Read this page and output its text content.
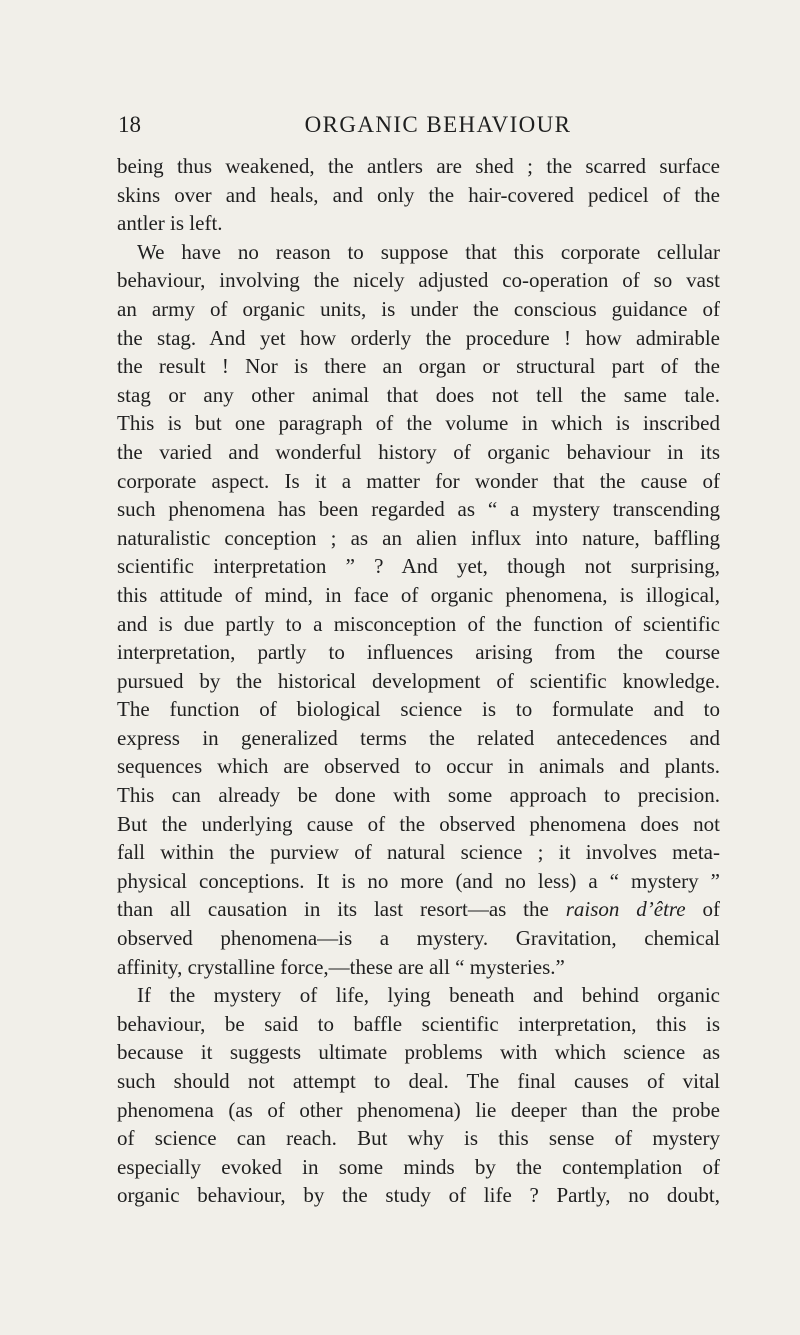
18	ORGANIC BEHAVIOUR
being thus weakened, the antlers are shed ; the scarred surface
skins over and heals, and only the hair-covered pedicel of the
antler is left.
We have no reason to suppose that this corporate cellular
behaviour, involving the nicely adjusted co-operation of so vast
an army of organic units, is under the conscious guidance of
the stag. And yet how orderly the procedure ! how admirable
the result ! Nor is there an organ or structural part of the
stag or any other animal that does not tell the same tale.
This is but one paragraph of the volume in which is inscribed
the varied and wonderful history of organic behaviour in its
corporate aspect. Is it a matter for wonder that the cause of
such phenomena has been regarded as “ a mystery transcending
naturalistic conception ; as an alien influx into nature, baffling
scientific interpretation ” ? And yet, though not surprising,
this attitude of mind, in face of organic phenomena, is illogical,
and is due partly to a misconception of the function of scientific
interpretation, partly to influences arising from the course
pursued by the historical development of scientific knowledge.
The function of biological science is to formulate and to
express in generalized terms the related antecedences and
sequences which are observed to occur in animals and plants.
This can already be done with some approach to precision.
But the underlying cause of the observed phenomena does not
fall within the purview of natural science ; it involves meta-
physical conceptions. It is no more (and no less) a “ mystery ”
than all causation in its last resort—as the raison d’être of
observed phenomena—is a mystery. Gravitation, chemical
affinity, crystalline force,—these are all “ mysteries.”
If the mystery of life, lying beneath and behind organic
behaviour, be said to baffle scientific interpretation, this is
because it suggests ultimate problems with which science as
such should not attempt to deal. The final causes of vital
phenomena (as of other phenomena) lie deeper than the probe
of science can reach. But why is this sense of mystery
especially evoked in some minds by the contemplation of
organic behaviour, by the study of life ? Partly, no doubt,
